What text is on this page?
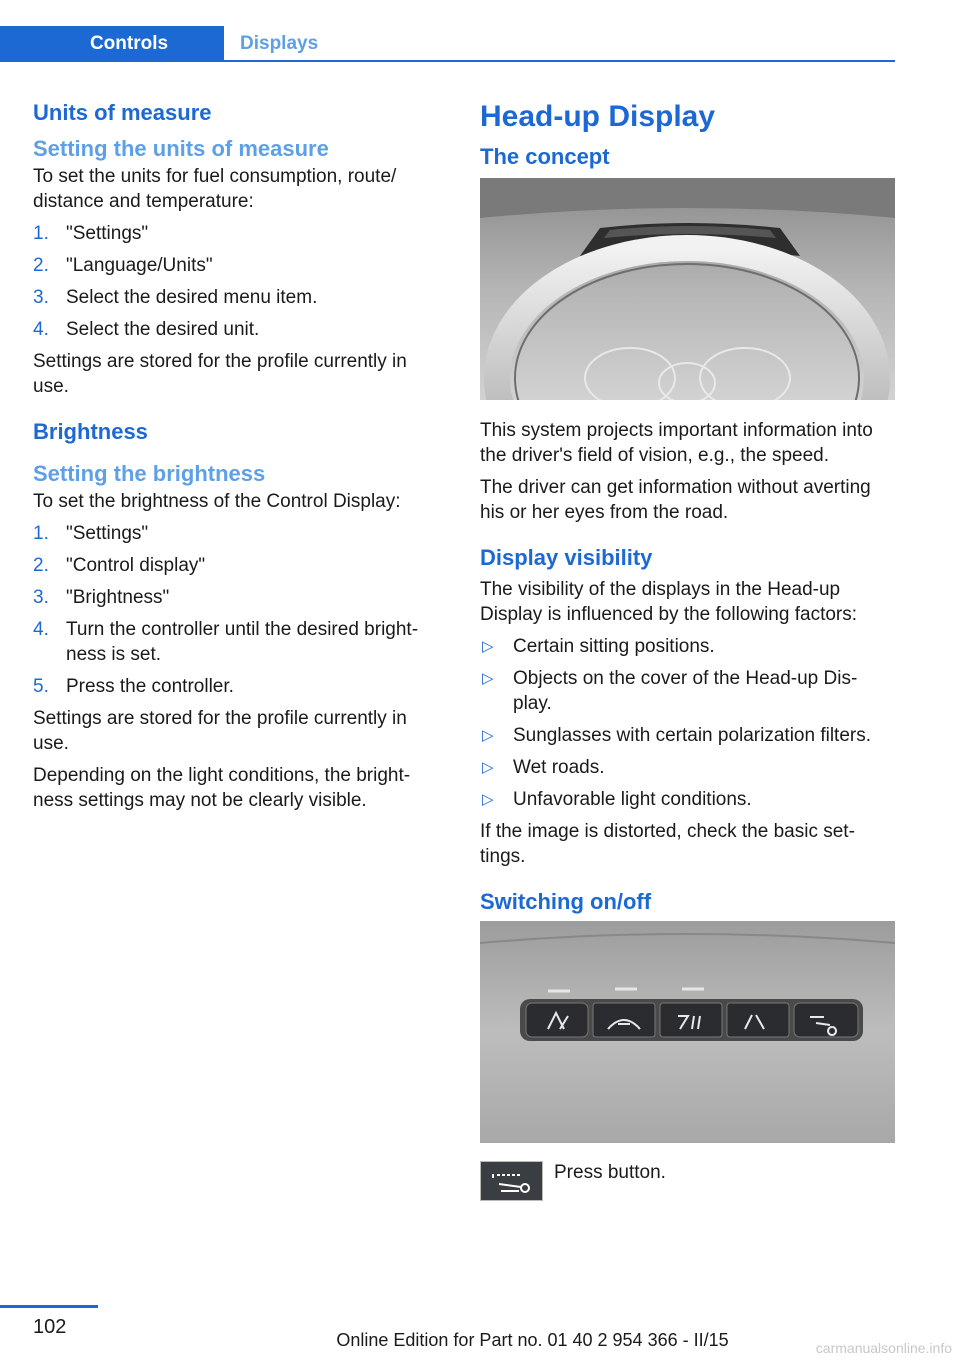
Controls	Displays
Units of measure
Setting the units of measure

To set the units for fuel consumption, route/ distance and temperature:

1. "Settings"
2. "Language/Units"
3. Select the desired menu item.
4. Select the desired unit.

Settings are stored for the profile currently in use.

Brightness
Setting the brightness

To set the brightness of the Control Display:

1. "Settings"
2. "Control display"
3. "Brightness"
4. Turn the controller until the desired bright‐ ness is set.
5. Press the controller.

Settings are stored for the profile currently in use.

Depending on the light conditions, the bright‐ ness settings may not be clearly visible.

Head-up Display
The concept

This system projects important information into the driver's field of vision, e.g., the speed.

The driver can get information without averting his or her eyes from the road.

Display visibility

The visibility of the displays in the Head-up Display is influenced by the following factors:

▷ Certain sitting positions.
▷ Objects on the cover of the Head-up Dis‐ play.
▷ Sunglasses with certain polarization filters.
▷ Wet roads.
▷ Unfavorable light conditions.

If the image is distorted, check the basic set‐ tings.

Switching on/off
Press button.
102
Online Edition for Part no. 01 40 2 954 366 - II/15	carmanualsonline.info
